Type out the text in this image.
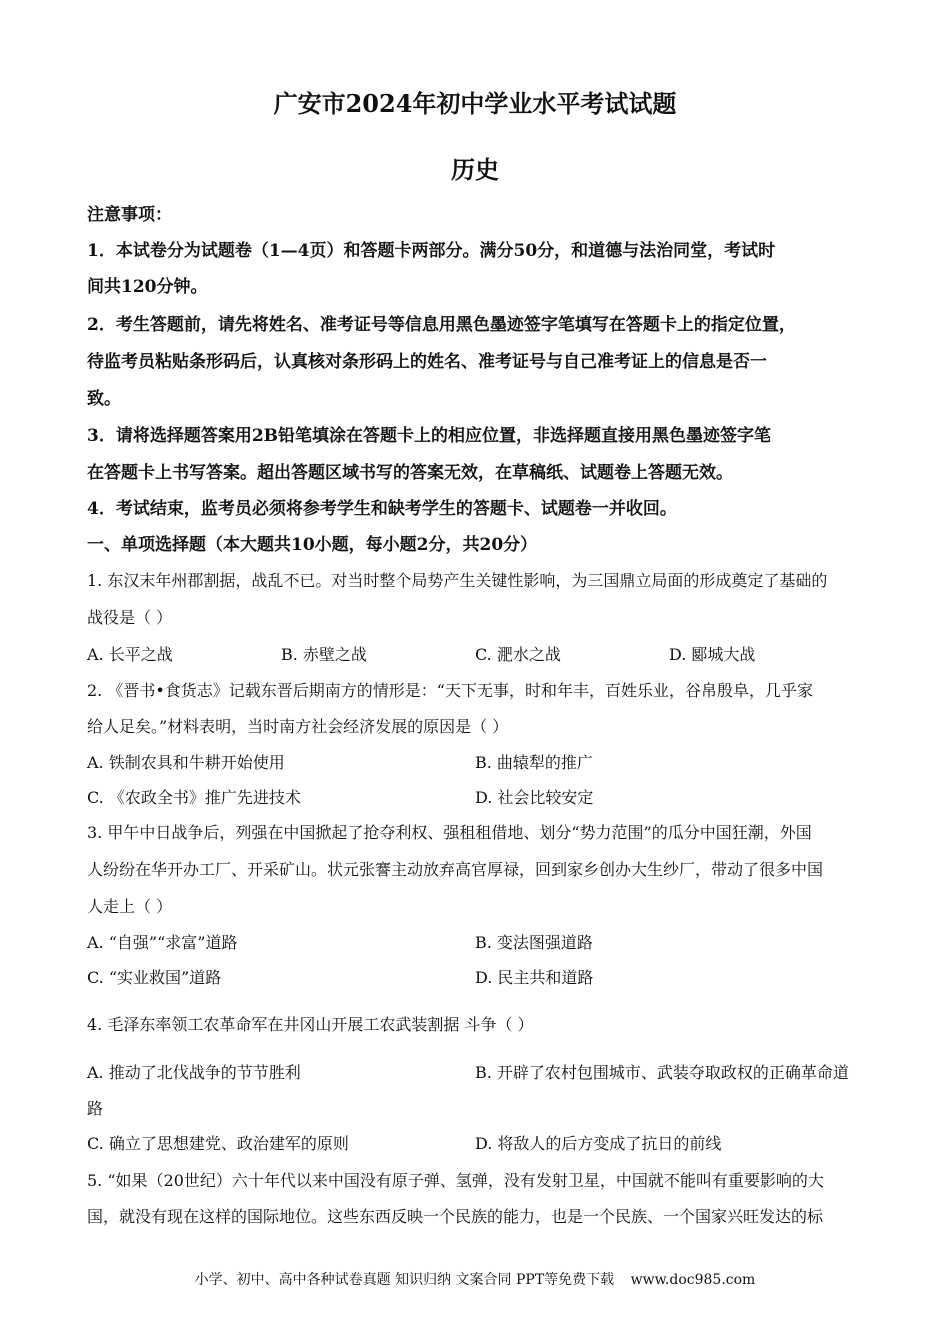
广安市2024年初中学业水平考试试题
历史
注意事项：
1．本试卷分为试题卷（1—4页）和答题卡两部分。满分50分，和道德与法治同堂，考试时
间共120分钟。
2．考生答题前，请先将姓名、准考证号等信息用黑色墨迹签字笔填写在答题卡上的指定位置，
待监考员粘贴条形码后，认真核对条形码上的姓名、准考证号与自己准考证上的信息是否一
致。
3．请将选择题答案用2B铅笔填涂在答题卡上的相应位置，非选择题直接用黑色墨迹签字笔
在答题卡上书写答案。超出答题区域书写的答案无效，在草稿纸、试题卷上答题无效。
4．考试结束，监考员必须将参考学生和缺考学生的答题卡、试题卷一并收回。
一、单项选择题（本大题共10小题，每小题2分，共20分）
1. 东汉末年州郡割据，战乱不已。对当时整个局势产生关键性影响，为三国鼎立局面的形成奠定了基础的
战役是（ ）
A. 长平之战	B. 赤壁之战	C. 淝水之战	D. 郾城大战
2. 《晋书•食货志》记载东晋后期南方的情形是：“天下无事，时和年丰，百姓乐业，谷帛殷阜，几乎家
给人足矣。”材料表明，当时南方社会经济发展的原因是（ ）
A. 铁制农具和牛耕开始使用	B. 曲辕犁的推广
C. 《农政全书》推广先进技术	D. 社会比较安定
3. 甲午中日战争后，列强在中国掀起了抢夺利权、强租租借地、划分“势力范围”的瓜分中国狂潮，外国
人纷纷在华开办工厂、开采矿山。状元张謇主动放弃高官厚禄，回到家乡创办大生纱厂，带动了很多中国
人走上（ ）
A. “自强”“求富”道路	B. 变法图强道路
C. “实业救国”道路	D. 民主共和道路
4. 毛泽东率领工农革命军在井冈山开展工农武装割据 斗争（ ）
A. 推动了北伐战争的节节胜利	B. 开辟了农村包围城市、武装夺取政权的正确革命道
路
C. 确立了思想建党、政治建军的原则	D. 将敌人的后方变成了抗日的前线
5. “如果（20世纪）六十年代以来中国没有原子弹、氢弹，没有发射卫星，中国就不能叫有重要影响的大
国，就没有现在这样的国际地位。这些东西反映一个民族的能力，也是一个民族、一个国家兴旺发达的标
小学、初中、高中各种试卷真题 知识归纳 文案合同 PPT等免费下载 www.doc985.com
